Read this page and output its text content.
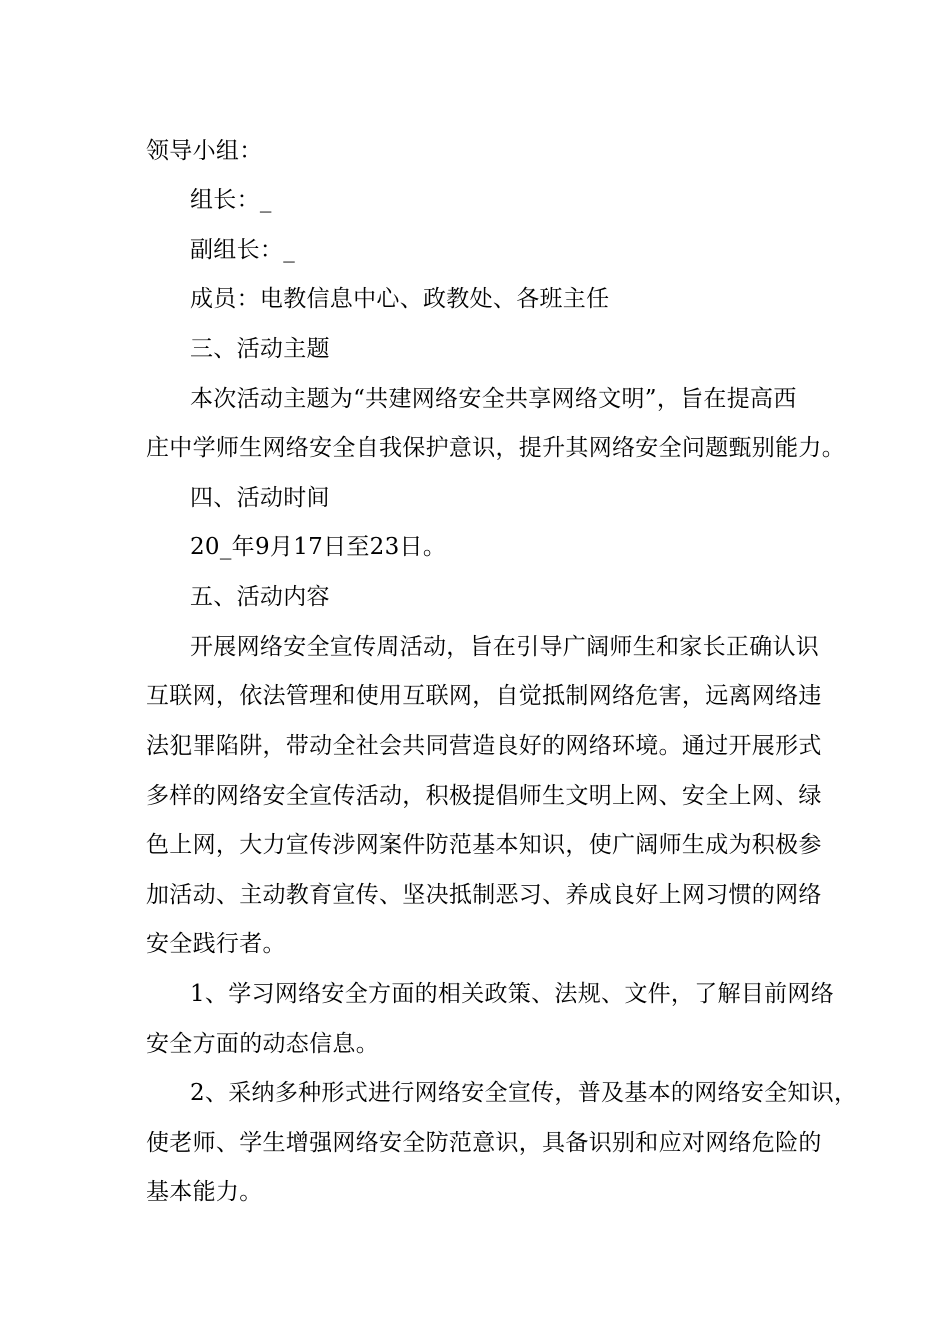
领导小组：
组长：_
副组长：_
成员：电教信息中心、政教处、各班主任
三、活动主题
本次活动主题为“共建网络安全共享网络文明”，旨在提高西
庄中学师生网络安全自我保护意识，提升其网络安全问题甄别能力。
四、活动时间
20_年9月17日至23日。
五、活动内容
开展网络安全宣传周活动，旨在引导广阔师生和家长正确认识
互联网，依法管理和使用互联网，自觉抵制网络危害，远离网络违
法犯罪陷阱，带动全社会共同营造良好的网络环境。通过开展形式
多样的网络安全宣传活动，积极提倡师生文明上网、安全上网、绿
色上网，大力宣传涉网案件防范基本知识，使广阔师生成为积极参
加活动、主动教育宣传、坚决抵制恶习、养成良好上网习惯的网络
安全践行者。
1、学习网络安全方面的相关政策、法规、文件，了解目前网络
安全方面的动态信息。
2、采纳多种形式进行网络安全宣传，普及基本的网络安全知识，
使老师、学生增强网络安全防范意识，具备识别和应对网络危险的
基本能力。
